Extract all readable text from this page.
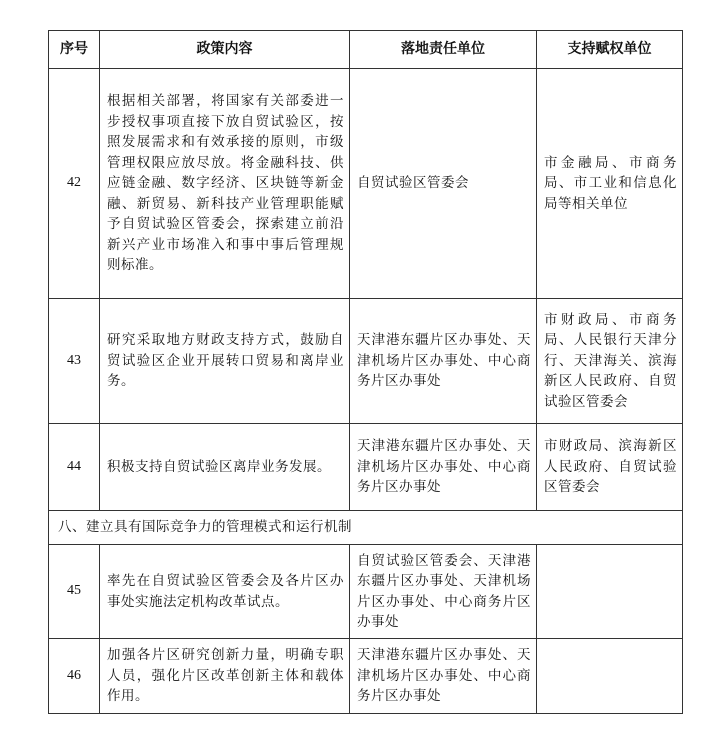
序号	政策内容	落地责任单位	支持赋权单位
42	根据相关部署，将国家有关部委进一步授权事项直接下放自贸试验区，按照发展需求和有效承接的原则，市级管理权限应放尽放。将金融科技、供应链金融、数字经济、区块链等新金融、新贸易、新科技产业管理职能赋予自贸试验区管委会，探索建立前沿新兴产业市场准入和事中事后管理规则标准。	自贸试验区管委会	市金融局、市商务局、市工业和信息化局等相关单位
43	研究采取地方财政支持方式，鼓励自贸试验区企业开展转口贸易和离岸业务。	天津港东疆片区办事处、天津机场片区办事处、中心商务片区办事处	市财政局、市商务局、人民银行天津分行、天津海关、滨海新区人民政府、自贸试验区管委会
44	积极支持自贸试验区离岸业务发展。	天津港东疆片区办事处、天津机场片区办事处、中心商务片区办事处	市财政局、滨海新区人民政府、自贸试验区管委会
八、建立具有国际竞争力的管理模式和运行机制			
45	率先在自贸试验区管委会及各片区办事处实施法定机构改革试点。	自贸试验区管委会、天津港东疆片区办事处、天津机场片区办事处、中心商务片区办事处	
46	加强各片区研究创新力量，明确专职人员，强化片区改革创新主体和载体作用。	天津港东疆片区办事处、天津机场片区办事处、中心商务片区办事处	
